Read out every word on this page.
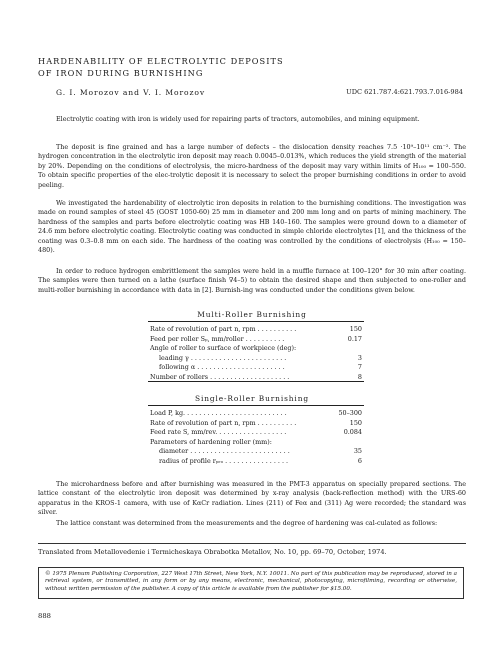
HARDENABILITY OF ELECTROLYTIC DEPOSITS
OF IRON DURING BURNISHING
G. I. Morozov and V. I. Morozov	UDC 621.787.4:621.793.7.016-984

Electrolytic coating with iron is widely used for repairing parts of tractors, automobiles, and mining equipment.

The deposit is fine grained and has a large number of defects – the dislocation density reaches 7.5 ·10⁹–10¹¹ cm⁻². The hydrogen concentration in the electrolytic iron deposit may reach 0.0045–0.013%, which reduces the yield strength of the material by 20%. Depending on the conditions of electrolysis, the micro-hardness of the deposit may vary within limits of H₁₀₀ = 100–550. To obtain specific properties of the elec-trolytic deposit it is necessary to select the proper burnishing conditions in order to avoid peeling.

We investigated the hardenability of electrolytic iron deposits in relation to the burnishing conditions. The investigation was made on round samples of steel 45 (GOST 1050-60) 25 mm in diameter and 200 mm long and on parts of mining machinery. The hardness of the samples and parts before electrolytic coating was HB 140–160. The samples were ground down to a diameter of 24.6 mm before electrolytic coating. Electrolytic coating was conducted in simple chloride electrolytes [1], and the thickness of the coating was 0.3–0.8 mm on each side. The hardness of the coating was controlled by the conditions of electrolysis (H₁₀₀ = 150–480).

In order to reduce hydrogen embrittlement the samples were held in a muffle furnace at 100–120° for 30 min after coating. The samples were then turned on a lathe (surface finish ∇4–5) to obtain the desired shape and then subjected to one-roller and multi-roller burnishing in accordance with data in [2]. Burnish-ing was conducted under the conditions given below.

Multi-Roller Burnishing
Rate of revolution of part n, rpm . . . . . . . . . .	150
Feed per roller Sₚ, mm/roller . . . . . . . . . .	0.17
Angle of roller to surface of workpiece (deg):
leading γ . . . . . . . . . . . . . . . . . . . . . . . .	3
following α . . . . . . . . . . . . . . . . . . . . . .	7
Number of rollers . . . . . . . . . . . . . . . . . . . .	8
Single-Roller Burnishing
Load P, kg. . . . . . . . . . . . . . . . . . . . . . . . . .	50–300
Rate of revolution of part n, rpm . . . . . . . . . .	150
Feed rate S, mm/rev. . . . . . . . . . . . . . . . . .	0.084
Parameters of hardening roller (mm):
diameter . . . . . . . . . . . . . . . . . . . . . . . . .	35
radius of profile rₚᵣₒ . . . . . . . . . . . . . . . .	6

The microhardness before and after burnishing was measured in the PMT-3 apparatus on specially prepared sections. The lattice constant of the electrolytic iron deposit was determined by x-ray analysis (back-reflection method) with the URS-60 apparatus in the KROS-1 camera, with use of KαCr radiation. Lines (211) of Feα and (311) Ag were recorded; the standard was silver.

The lattice constant was determined from the measurements and the degree of hardening was cal-culated as follows:

Translated from Metallovedenie i Termicheskaya Obrabotka Metallov, No. 10, pp. 69–70, October, 1974.

© 1975 Plenum Publishing Corporation, 227 West 17th Street, New York, N.Y. 10011. No part of this publication may be reproduced, stored in a retrieval system, or transmitted, in any form or by any means, electronic, mechanical, photocopying, microfilming, recording or otherwise, without written permission of the publisher. A copy of this article is available from the publisher for $15.00.

888
